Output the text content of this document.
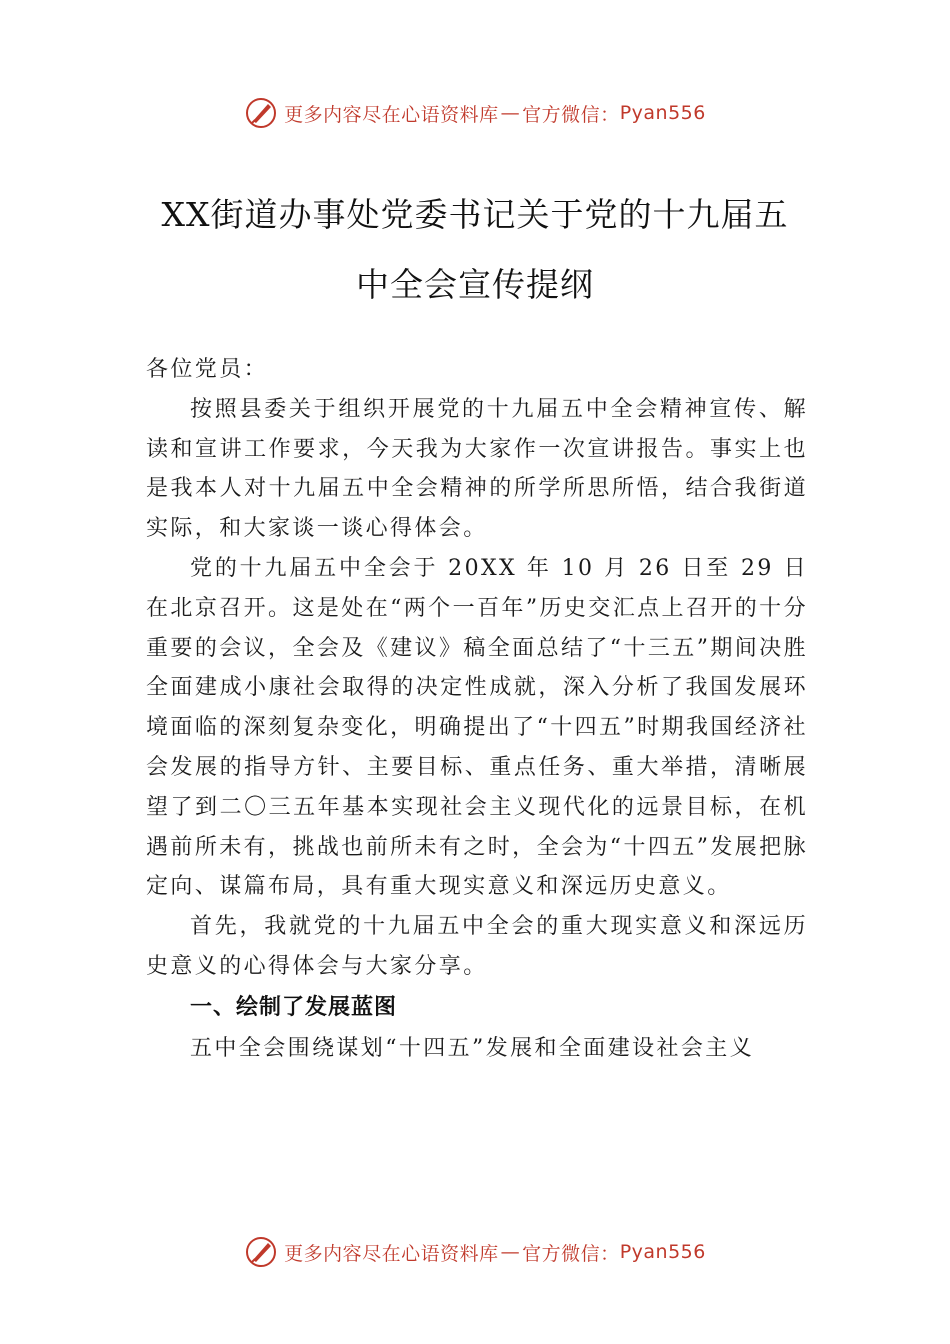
更多内容尽在心语资料库 — 官方微信： Pyan556
XX街道办事处党委书记关于党的十九届五
中全会宣传提纲

各位党员：

按照县委关于组织开展党的十九届五中全会精神宣传、解读和宣讲工作要求，今天我为大家作一次宣讲报告。事实上也是我本人对十九届五中全会精神的所学所思所悟，结合我街道实际，和大家谈一谈心得体会。

党的十九届五中全会于 20XX 年 10 月 26 日至 29 日在北京召开。这是处在“两个一百年”历史交汇点上召开的十分重要的会议，全会及《建议》稿全面总结了“十三五”期间决胜全面建成小康社会取得的决定性成就，深入分析了我国发展环境面临的深刻复杂变化，明确提出了“十四五”时期我国经济社会发展的指导方针、主要目标、重点任务、重大举措，清晰展望了到二〇三五年基本实现社会主义现代化的远景目标，在机遇前所未有，挑战也前所未有之时，全会为“十四五”发展把脉定向、谋篇布局，具有重大现实意义和深远历史意义。

首先，我就党的十九届五中全会的重大现实意义和深远历史意义的心得体会与大家分享。

一、绘制了发展蓝图

五中全会围绕谋划“十四五”发展和全面建设社会主义

更多内容尽在心语资料库 — 官方微信： Pyan556
